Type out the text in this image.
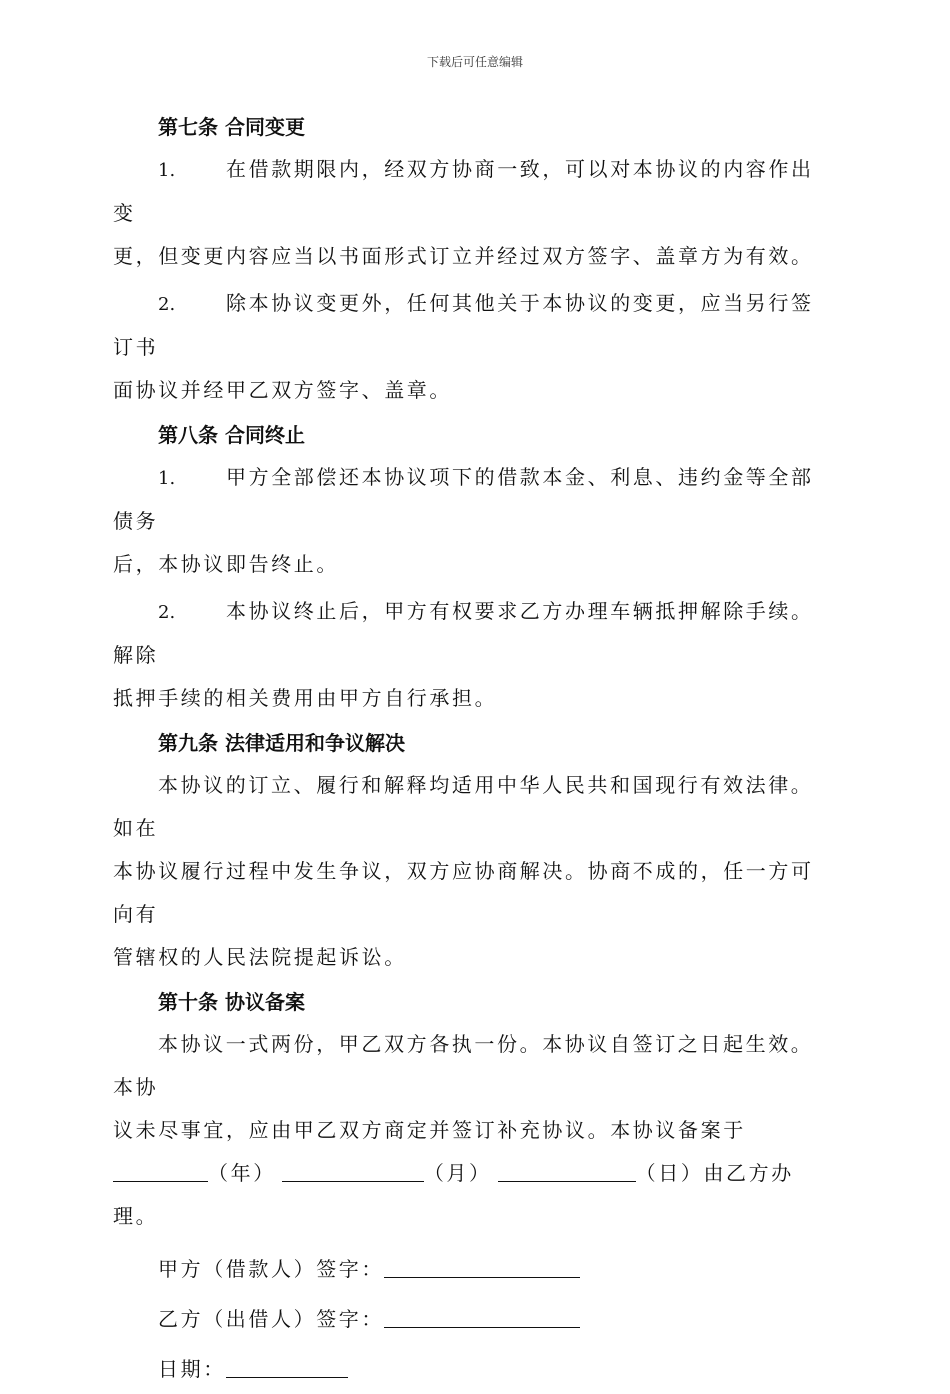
下载后可任意编辑
第七条 合同变更
1.	在借款期限内，经双方协商一致，可以对本协议的内容作出变
更，但变更内容应当以书面形式订立并经过双方签字、盖章方为有效。
2.	除本协议变更外，任何其他关于本协议的变更，应当另行签订书
面协议并经甲乙双方签字、盖章。
第八条 合同终止
1.	甲方全部偿还本协议项下的借款本金、利息、违约金等全部债务
后，本协议即告终止。
2.	本协议终止后，甲方有权要求乙方办理车辆抵押解除手续。解除
抵押手续的相关费用由甲方自行承担。
第九条 法律适用和争议解决
本协议的订立、履行和解释均适用中华人民共和国现行有效法律。如在
本协议履行过程中发生争议，双方应协商解决。协商不成的，任一方可向有
管辖权的人民法院提起诉讼。
第十条 协议备案
本协议一式两份，甲乙双方各执一份。本协议自签订之日起生效。本协
议未尽事宜，应由甲乙双方商定并签订补充协议。本协议备案于
（年）	（月）	（日）由乙方办理。
甲方（借款人）签字：
乙方（出借人）签字：
日期：
